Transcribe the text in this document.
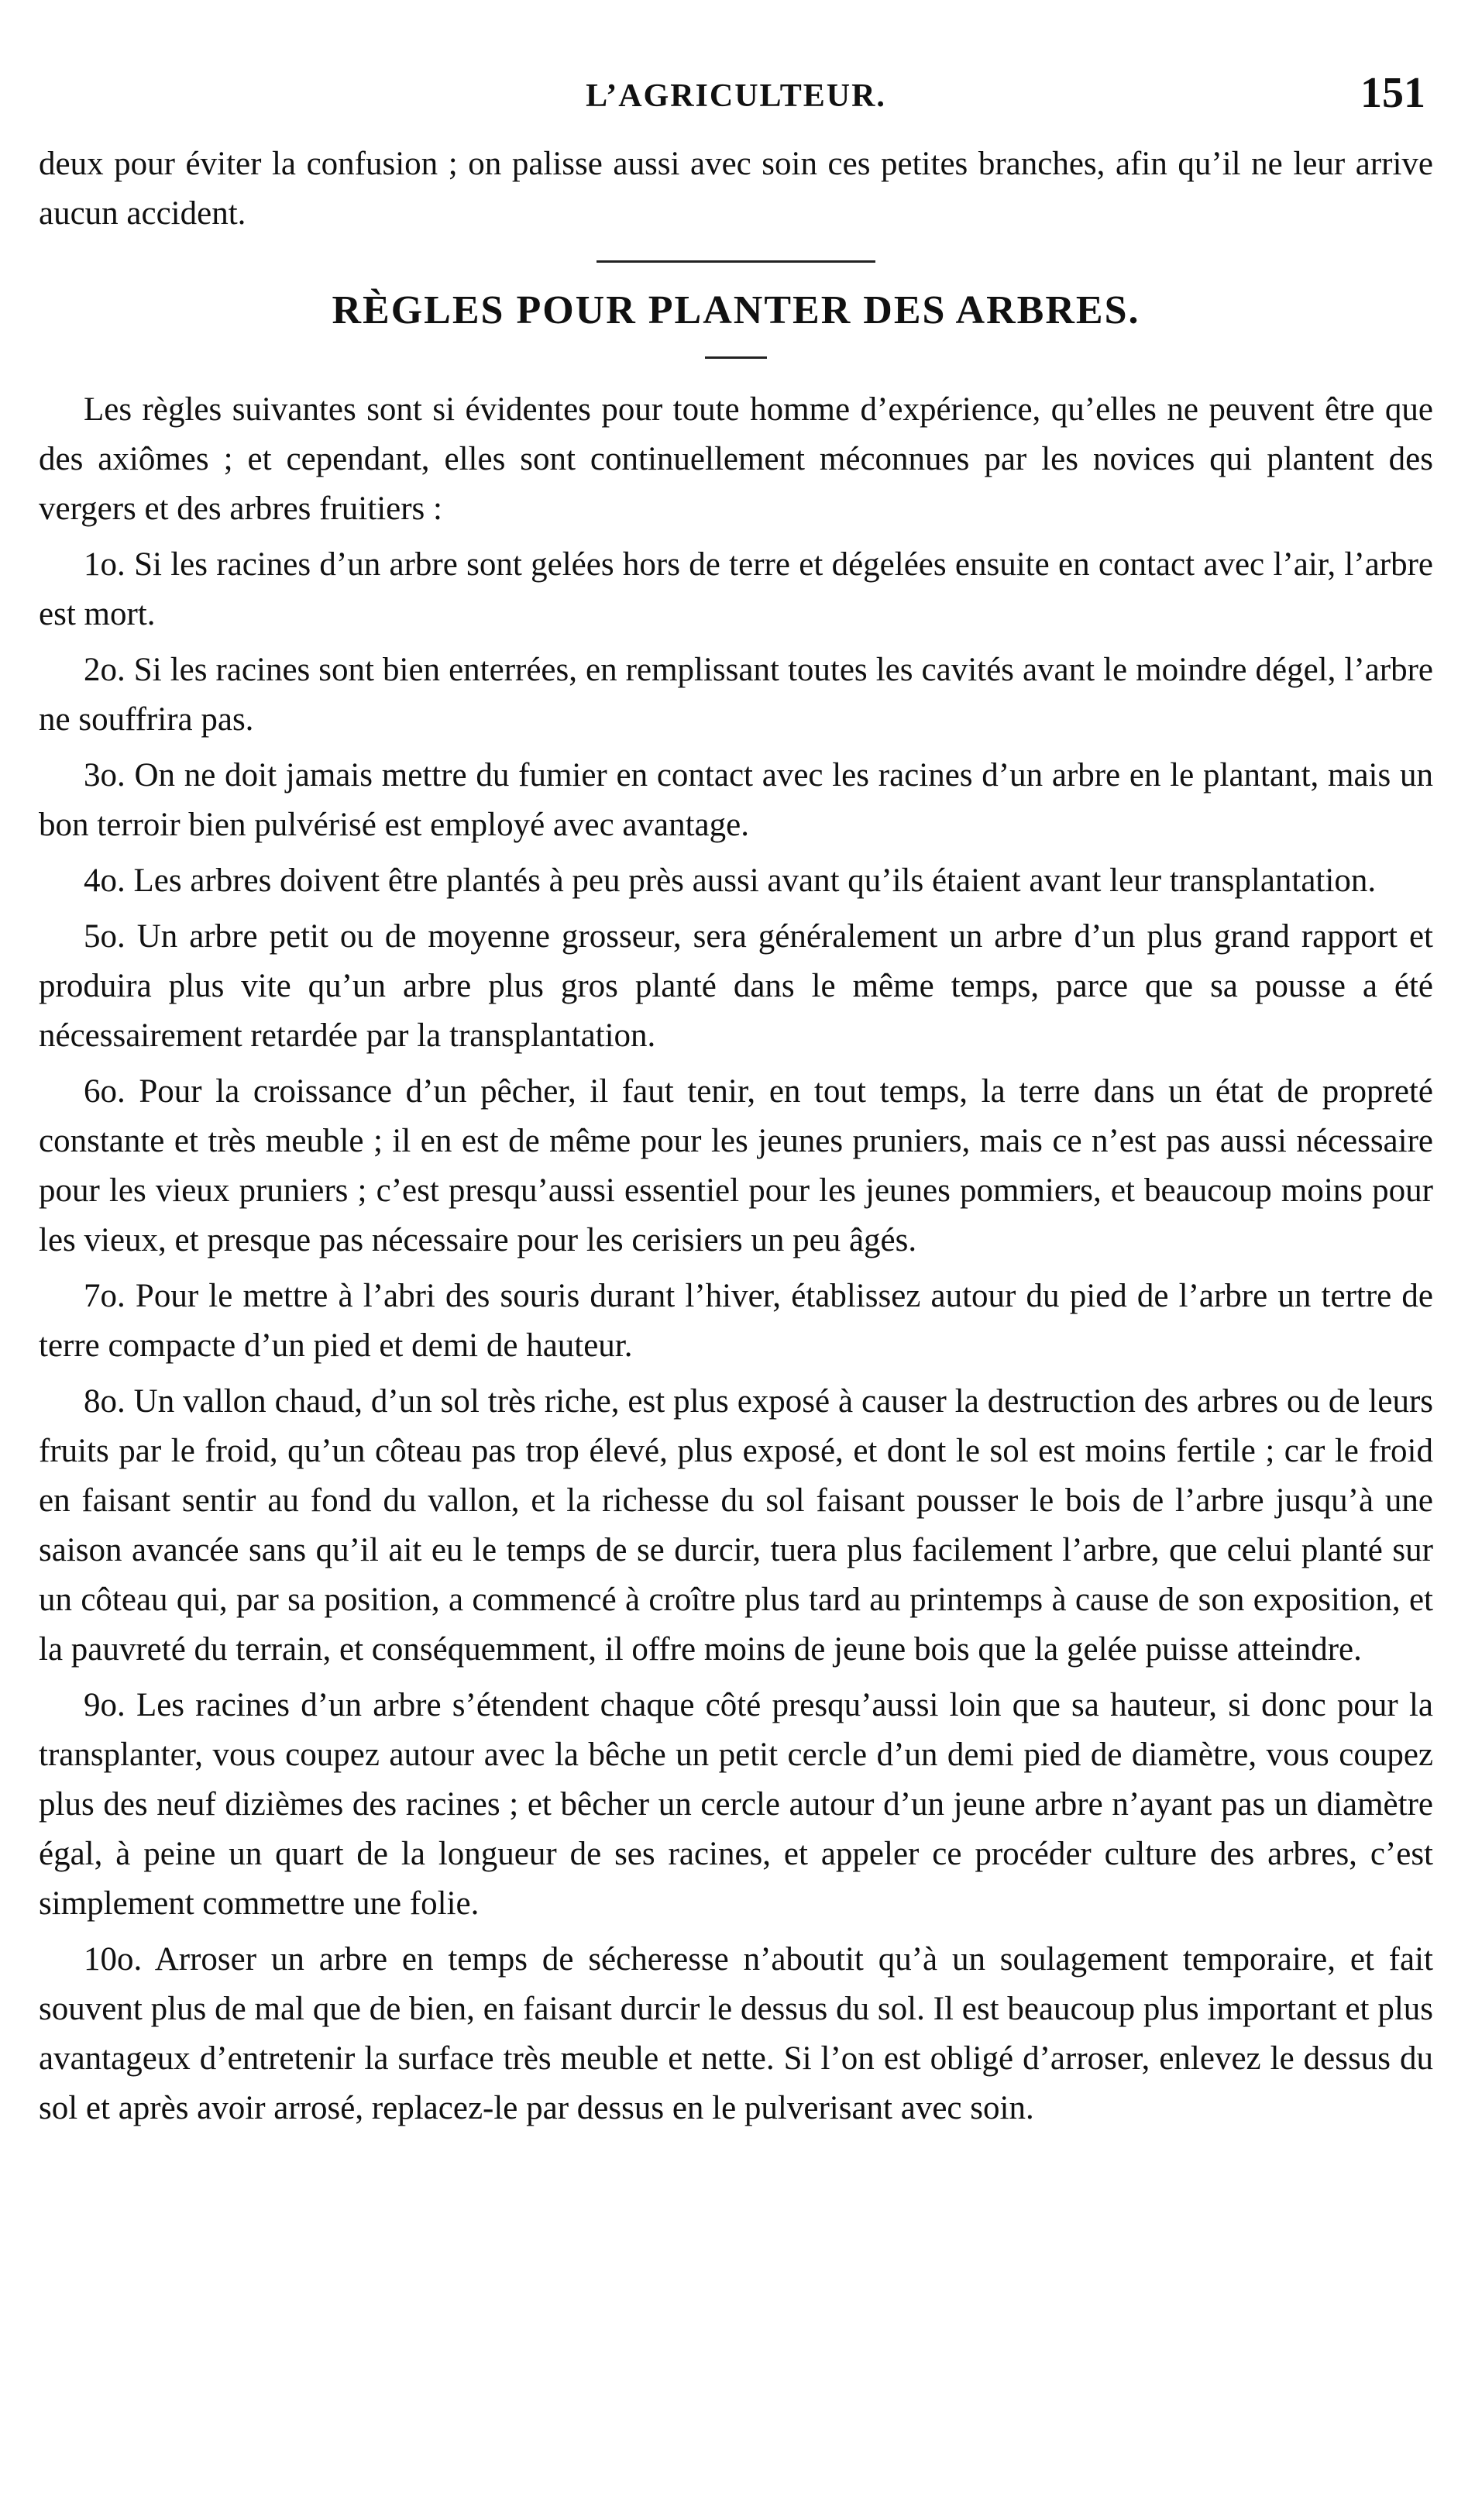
L’AGRICULTEUR.	151

deux pour éviter la confusion ; on palisse aussi avec soin ces petites branches, afin qu’il ne leur arrive aucun accident.

RÈGLES POUR PLANTER DES ARBRES.

Les règles suivantes sont si évidentes pour toute homme d’expérience, qu’elles ne peuvent être que des axiômes ; et cependant, elles sont continuellement méconnues par les novices qui plantent des vergers et des arbres fruitiers :

1o. Si les racines d’un arbre sont gelées hors de terre et dégelées ensuite en contact avec l’air, l’arbre est mort.

2o. Si les racines sont bien enterrées, en remplissant toutes les cavités avant le moindre dégel, l’arbre ne souffrira pas.

3o. On ne doit jamais mettre du fumier en contact avec les racines d’un arbre en le plantant, mais un bon terroir bien pulvérisé est employé avec avantage.

4o. Les arbres doivent être plantés à peu près aussi avant qu’ils étaient avant leur transplantation.

5o. Un arbre petit ou de moyenne grosseur, sera généralement un arbre d’un plus grand rapport et produira plus vite qu’un arbre plus gros planté dans le même temps, parce que sa pousse a été nécessairement retardée par la transplantation.

6o. Pour la croissance d’un pêcher, il faut tenir, en tout temps, la terre dans un état de propreté constante et très meuble ; il en est de même pour les jeunes pruniers, mais ce n’est pas aussi nécessaire pour les vieux pruniers ; c’est presqu’aussi essentiel pour les jeunes pommiers, et beaucoup moins pour les vieux, et presque pas nécessaire pour les cerisiers un peu âgés.

7o. Pour le mettre à l’abri des souris durant l’hiver, établissez autour du pied de l’arbre un tertre de terre compacte d’un pied et demi de hauteur.

8o. Un vallon chaud, d’un sol très riche, est plus exposé à causer la destruction des arbres ou de leurs fruits par le froid, qu’un côteau pas trop élevé, plus exposé, et dont le sol est moins fertile ; car le froid en faisant sentir au fond du vallon, et la richesse du sol faisant pousser le bois de l’arbre jusqu’à une saison avancée sans qu’il ait eu le temps de se durcir, tuera plus facilement l’arbre, que celui planté sur un côteau qui, par sa position, a commencé à croître plus tard au printemps à cause de son exposition, et la pauvreté du terrain, et conséquemment, il offre moins de jeune bois que la gelée puisse atteindre.

9o. Les racines d’un arbre s’étendent chaque côté presqu’aussi loin que sa hauteur, si donc pour la transplanter, vous coupez autour avec la bêche un petit cercle d’un demi pied de diamètre, vous coupez plus des neuf dizièmes des racines ; et bêcher un cercle autour d’un jeune arbre n’ayant pas un diamètre égal, à peine un quart de la longueur de ses racines, et appeler ce procéder culture des arbres, c’est simplement commettre une folie.

10o. Arroser un arbre en temps de sécheresse n’aboutit qu’à un soulagement temporaire, et fait souvent plus de mal que de bien, en faisant durcir le dessus du sol. Il est beaucoup plus important et plus avantageux d’entretenir la surface très meuble et nette. Si l’on est obligé d’arroser, enlevez le dessus du sol et après avoir arrosé, replacez-le par dessus en le pulverisant avec soin.
